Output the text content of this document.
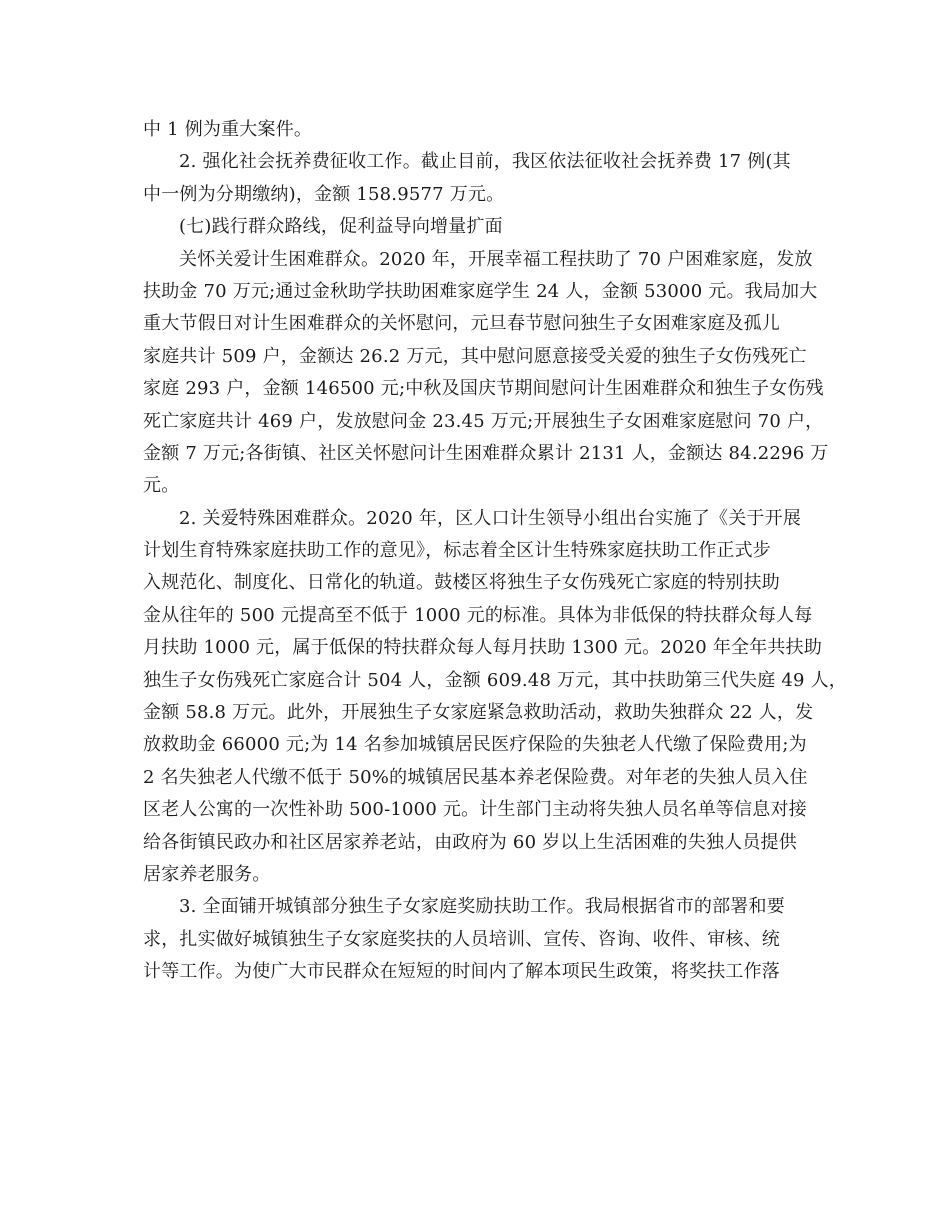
中 1 例为重大案件。
2. 强化社会抚养费征收工作。截止目前，我区依法征收社会抚养费 17 例(其
中一例为分期缴纳)，金额 158.9577 万元。
(七)践行群众路线，促利益导向增量扩面
关怀关爱计生困难群众。2020 年，开展幸福工程扶助了 70 户困难家庭，发放
扶助金 70 万元;通过金秋助学扶助困难家庭学生 24 人，金额 53000 元。我局加大
重大节假日对计生困难群众的关怀慰问，元旦春节慰问独生子女困难家庭及孤儿
家庭共计 509 户，金额达 26.2 万元，其中慰问愿意接受关爱的独生子女伤残死亡
家庭 293 户，金额 146500 元;中秋及国庆节期间慰问计生困难群众和独生子女伤残
死亡家庭共计 469 户，发放慰问金 23.45 万元;开展独生子女困难家庭慰问 70 户，
金额 7 万元;各街镇、社区关怀慰问计生困难群众累计 2131 人，金额达 84.2296 万
元。
2. 关爱特殊困难群众。2020 年，区人口计生领导小组出台实施了《关于开展
计划生育特殊家庭扶助工作的意见》，标志着全区计生特殊家庭扶助工作正式步
入规范化、制度化、日常化的轨道。鼓楼区将独生子女伤残死亡家庭的特别扶助
金从往年的 500 元提高至不低于 1000 元的标准。具体为非低保的特扶群众每人每
月扶助 1000 元，属于低保的特扶群众每人每月扶助 1300 元。2020 年全年共扶助
独生子女伤残死亡家庭合计 504 人，金额 609.48 万元，其中扶助第三代失庭 49 人，
金额 58.8 万元。此外，开展独生子女家庭紧急救助活动，救助失独群众 22 人，发
放救助金 66000 元;为 14 名参加城镇居民医疗保险的失独老人代缴了保险费用;为
2 名失独老人代缴不低于 50%的城镇居民基本养老保险费。对年老的失独人员入住
区老人公寓的一次性补助 500-1000 元。计生部门主动将失独人员名单等信息对接
给各街镇民政办和社区居家养老站，由政府为 60 岁以上生活困难的失独人员提供
居家养老服务。
3. 全面铺开城镇部分独生子女家庭奖励扶助工作。我局根据省市的部署和要
求，扎实做好城镇独生子女家庭奖扶的人员培训、宣传、咨询、收件、审核、统
计等工作。为使广大市民群众在短短的时间内了解本项民生政策，将奖扶工作落
